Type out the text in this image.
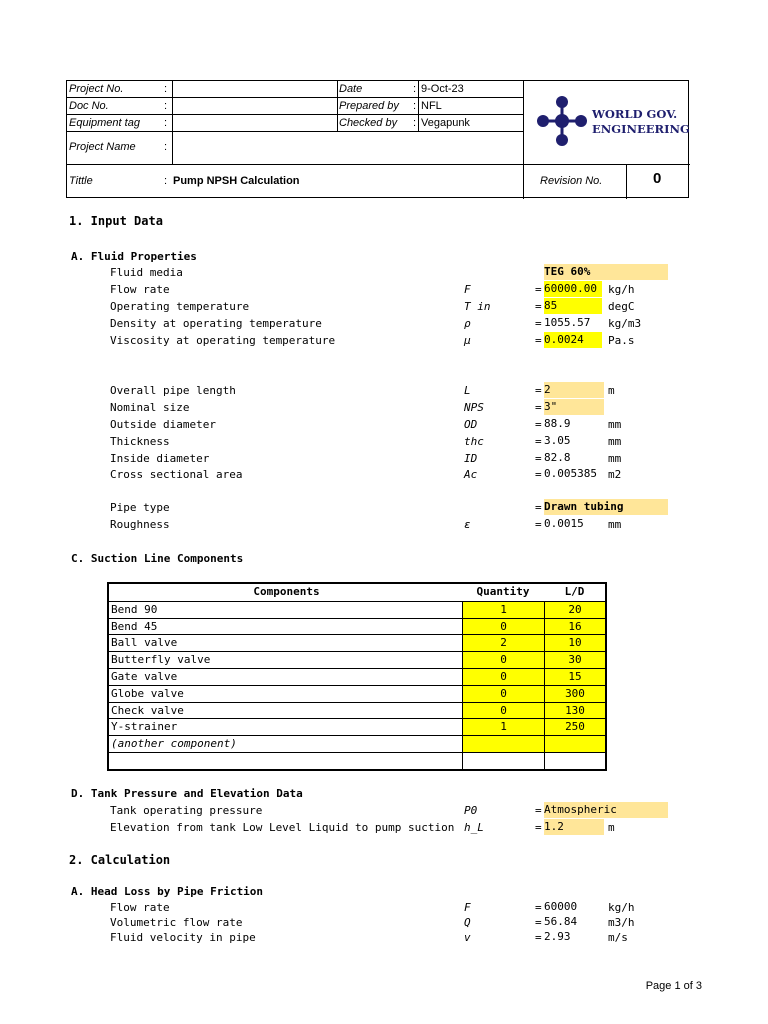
Project No.	:
Doc No.	:
Equipment tag :
Project Name	:
Tittle	: Pump NPSH Calculation
Date	: 9-Oct-23
Prepared by : NFL
Checked by : Vegapunk
Revision No.	0
WORLD GOV.
ENGINEERING
1. Input Data
A. Fluid Properties
Fluid media	TEG 60%
Flow rate	F	= 60000.00	kg/h
Operating temperature	T in	= 85	degC
Density at operating temperature	ρ	= 1055.57 kg/m3
Viscosity at operating temperature	μ	= 0.0024	Pa.s
Overall pipe length	L	= 2	m
Nominal size	NPS	= 3"
Outside diameter	OD	= 88.9	mm
Thickness	thc	= 3.05	mm
Inside diameter	ID	= 82.8	mm
Cross sectional area	Ac	= 0.005385 m2
Pipe type	= Drawn tubing
Roughness	ε	= 0.0015 mm
C. Suction Line Components
Components	Quantity	L/D
Bend 90	1	20
Bend 45	0	16
Ball valve	2	10
Butterfly valve	0	30
Gate valve	0	15
Globe valve	0	300
Check valve	0	130
Y-strainer	1	250
(another component)
D. Tank Pressure and Elevation Data
Tank operating pressure	P0	= Atmospheric
Elevation from tank Low Level Liquid to pump suction h_L	= 1.2	m
2. Calculation
A. Head Loss by Pipe Friction
Flow rate	F	= 60000	kg/h
Volumetric flow rate	Q	= 56.84	m3/h
Fluid velocity in pipe	v	= 2.93	m/s
Page 1 of 3
